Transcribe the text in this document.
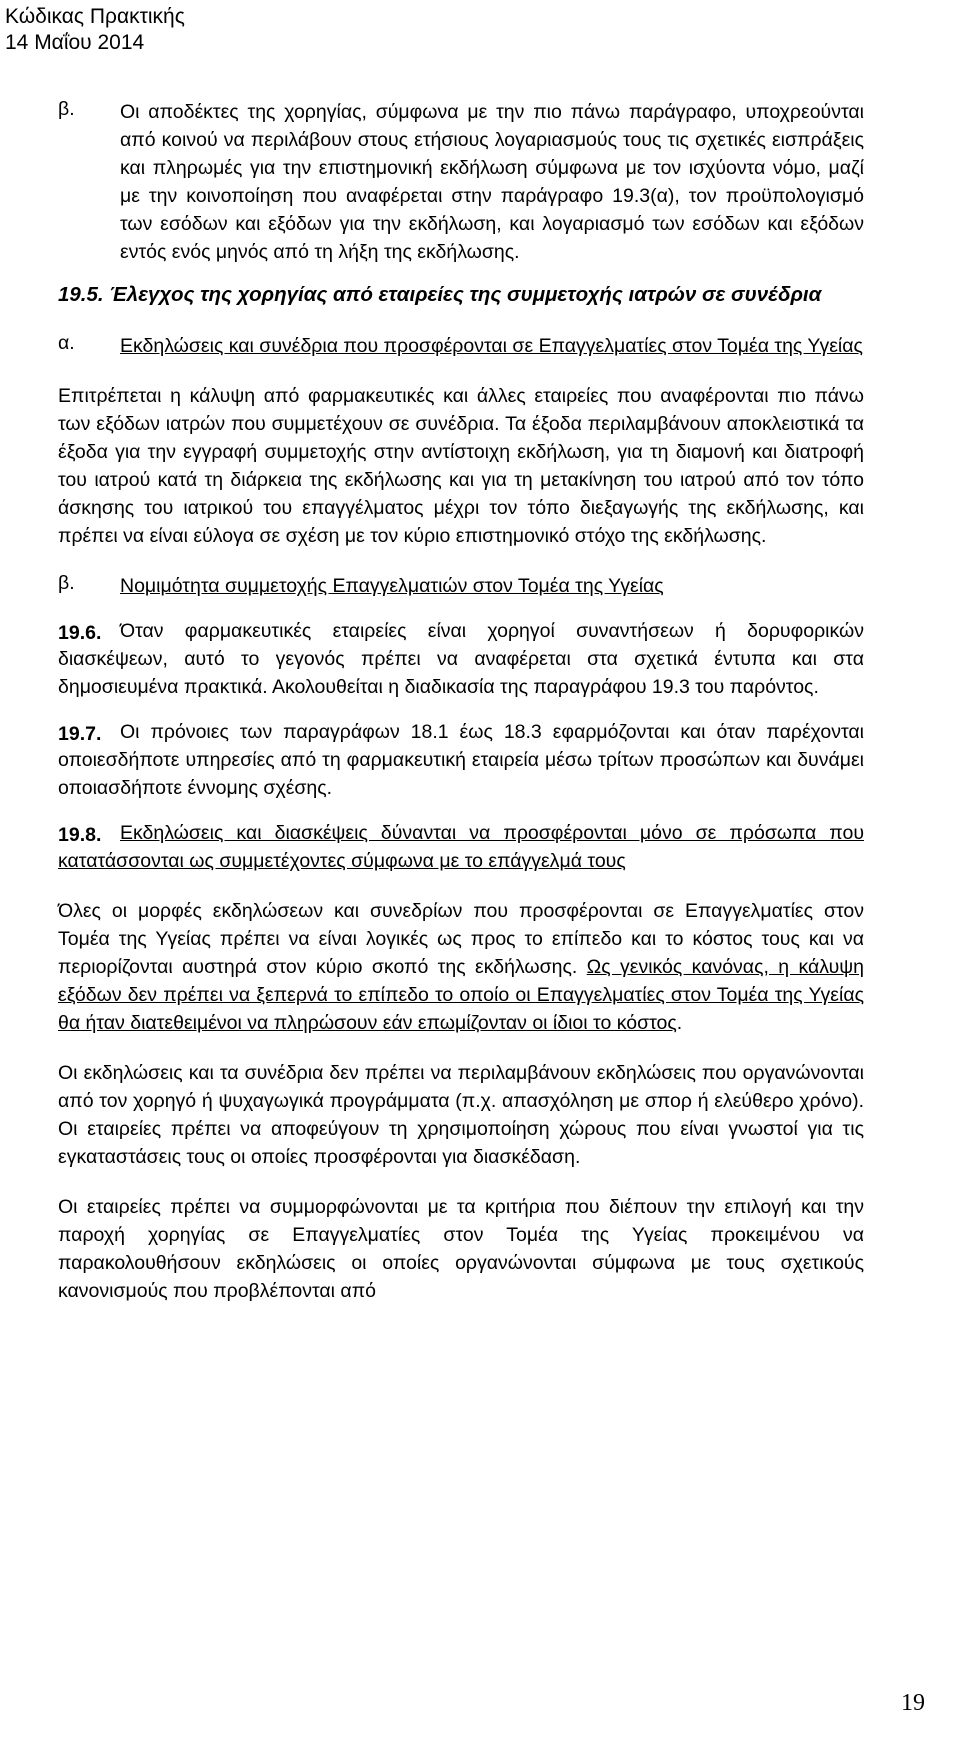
Κώδικας Πρακτικής
14 Μαΐου 2014
β.	Οι αποδέκτες της χορηγίας, σύμφωνα με την πιο πάνω παράγραφο, υποχρεούνται από κοινού να περιλάβουν στους ετήσιους λογαριασμούς τους τις σχετικές εισπράξεις και πληρωμές για την επιστημονική εκδήλωση σύμφωνα με τον ισχύοντα νόμο, μαζί με την κοινοποίηση που αναφέρεται στην παράγραφο 19.3(α), τον προϋπολογισμό των εσόδων και εξόδων για την εκδήλωση, και λογαριασμό των εσόδων και εξόδων εντός ενός μηνός από τη λήξη της εκδήλωσης.
19.5. Έλεγχος της χορηγίας από εταιρείες της συμμετοχής ιατρών σε συνέδρια
α.	Εκδηλώσεις και συνέδρια που προσφέρονται σε Επαγγελματίες στον Τομέα της Υγείας

Επιτρέπεται η κάλυψη από φαρμακευτικές και άλλες εταιρείες που αναφέρονται πιο πάνω των εξόδων ιατρών που συμμετέχουν σε συνέδρια. Τα έξοδα περιλαμβάνουν αποκλειστικά τα έξοδα για την εγγραφή συμμετοχής στην αντίστοιχη εκδήλωση, για τη διαμονή και διατροφή του ιατρού κατά τη διάρκεια της εκδήλωσης και για τη μετακίνηση του ιατρού από τον τόπο άσκησης του ιατρικού του επαγγέλματος μέχρι τον τόπο διεξαγωγής της εκδήλωσης, και πρέπει να είναι εύλογα σε σχέση με τον κύριο επιστημονικό στόχο της εκδήλωσης.

β.	Νομιμότητα συμμετοχής Επαγγελματιών στον Τομέα της Υγείας
19.6. Όταν φαρμακευτικές εταιρείες είναι χορηγοί συναντήσεων ή δορυφορικών διασκέψεων, αυτό το γεγονός πρέπει να αναφέρεται στα σχετικά έντυπα και στα δημοσιευμένα πρακτικά. Ακολουθείται η διαδικασία της παραγράφου 19.3 του παρόντος.

19.7. Οι πρόνοιες των παραγράφων 18.1 έως 18.3 εφαρμόζονται και όταν παρέχονται οποιεσδήποτε υπηρεσίες από τη φαρμακευτική εταιρεία μέσω τρίτων προσώπων και δυνάμει οποιασδήποτε έννομης σχέσης.

19.8. Εκδηλώσεις και διασκέψεις δύνανται να προσφέρονται μόνο σε πρόσωπα που κατατάσσονται ως συμμετέχοντες σύμφωνα με το επάγγελμά τους

Όλες οι μορφές εκδηλώσεων και συνεδρίων που προσφέρονται σε Επαγγελματίες στον Τομέα της Υγείας πρέπει να είναι λογικές ως προς το επίπεδο και το κόστος τους και να περιορίζονται αυστηρά στον κύριο σκοπό της εκδήλωσης. Ως γενικός κανόνας, η κάλυψη εξόδων δεν πρέπει να ξεπερνά το επίπεδο το οποίο οι Επαγγελματίες στον Τομέα της Υγείας θα ήταν διατεθειμένοι να πληρώσουν εάν επωμίζονταν οι ίδιοι το κόστος.

Οι εκδηλώσεις και τα συνέδρια δεν πρέπει να περιλαμβάνουν εκδηλώσεις που οργανώνονται από τον χορηγό ή ψυχαγωγικά προγράμματα (π.χ. απασχόληση με σπορ ή ελεύθερο χρόνο). Οι εταιρείες πρέπει να αποφεύγουν τη χρησιμοποίηση χώρους που είναι γνωστοί για τις εγκαταστάσεις τους οι οποίες προσφέρονται για διασκέδαση.

Οι εταιρείες πρέπει να συμμορφώνονται με τα κριτήρια που διέπουν την επιλογή και την παροχή χορηγίας σε Επαγγελματίες στον Τομέα της Υγείας προκειμένου να παρακολουθήσουν εκδηλώσεις οι οποίες οργανώνονται σύμφωνα με τους σχετικούς κανονισμούς που προβλέπονται από

19
